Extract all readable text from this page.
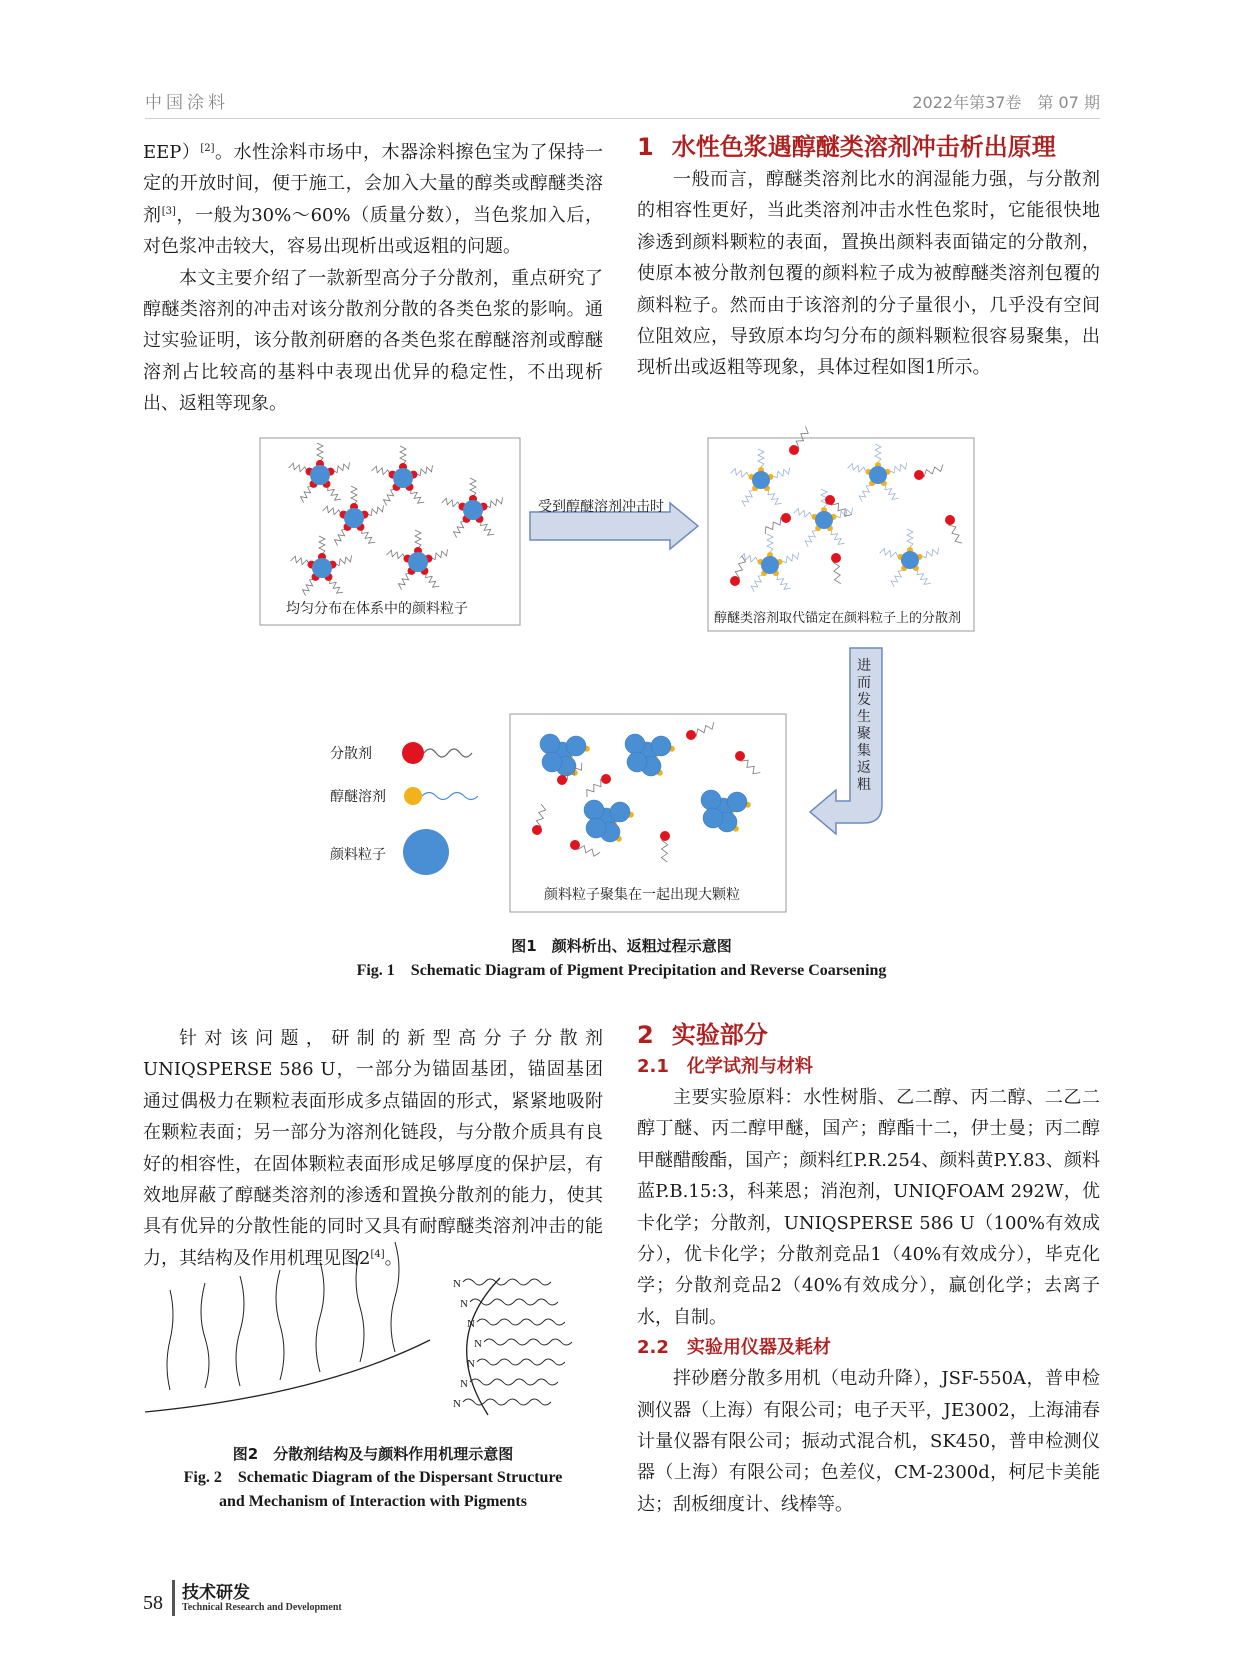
中国涂料	2022年第37卷　第 07 期

EEP）[2]。水性涂料市场中，木器涂料擦色宝为了保持一定的开放时间，便于施工，会加入大量的醇类或醇醚类溶剂[3]，一般为30%～60%（质量分数），当色浆加入后，对色浆冲击较大，容易出现析出或返粗的问题。

本文主要介绍了一款新型高分子分散剂，重点研究了醇醚类溶剂的冲击对该分散剂分散的各类色浆的影响。通过实验证明，该分散剂研磨的各类色浆在醇醚溶剂或醇醚溶剂占比较高的基料中表现出优异的稳定性，不出现析出、返粗等现象。

1 水性色浆遇醇醚类溶剂冲击析出原理

一般而言，醇醚类溶剂比水的润湿能力强，与分散剂的相容性更好，当此类溶剂冲击水性色浆时，它能很快地渗透到颜料颗粒的表面，置换出颜料表面锚定的分散剂，使原本被分散剂包覆的颜料粒子成为被醇醚类溶剂包覆的颜料粒子。然而由于该溶剂的分子量很小，几乎没有空间位阻效应，导致原本均匀分布的颜料颗粒很容易聚集，出现析出或返粗等现象，具体过程如图1所示。

N
N
N
N
N
N
N
均匀分布在体系中的颜料粒子
受到醇醚溶剂冲击时
醇醚类溶剂取代锚定在颜料粒子上的分散剂
进而发生聚集返粗
颜料粒子聚集在一起出现大颗粒
分散剂
醇醚溶剂
颜料粒子
图1　颜料析出、返粗过程示意图
Fig. 1　Schematic Diagram of Pigment Precipitation and Reverse Coarsening

针对该问题，研制的新型高分子分散剂UNIQSPERSE 586 U，一部分为锚固基团，锚固基团通过偶极力在颗粒表面形成多点锚固的形式，紧紧地吸附在颗粒表面；另一部分为溶剂化链段，与分散介质具有良好的相容性，在固体颗粒表面形成足够厚度的保护层，有效地屏蔽了醇醚类溶剂的渗透和置换分散剂的能力，使其具有优异的分散性能的同时又具有耐醇醚类溶剂冲击的能力，其结构及作用机理见图2[4]。

图2　分散剂结构及与颜料作用机理示意图
Fig. 2　Schematic Diagram of the Dispersant Structure
and Mechanism of Interaction with Pigments
2 实验部分
2.1 化学试剂与材料

主要实验原料：水性树脂、乙二醇、丙二醇、二乙二醇丁醚、丙二醇甲醚，国产；醇酯十二，伊士曼；丙二醇甲醚醋酸酯，国产；颜料红P.R.254、颜料黄P.Y.83、颜料蓝P.B.15:3，科莱恩；消泡剂，UNIQFOAM 292W，优卡化学；分散剂，UNIQSPERSE 586 U（100%有效成分），优卡化学；分散剂竞品1（40%有效成分），毕克化学；分散剂竞品2（40%有效成分），赢创化学；去离子水，自制。

2.2 实验用仪器及耗材

拌砂磨分散多用机（电动升降），JSF-550A，普申检测仪器（上海）有限公司；电子天平，JE3002，上海浦春计量仪器有限公司；振动式混合机，SK450，普申检测仪器（上海）有限公司；色差仪，CM-2300d，柯尼卡美能达；刮板细度计、线棒等。

58 技术研发
Technical Research and Development
